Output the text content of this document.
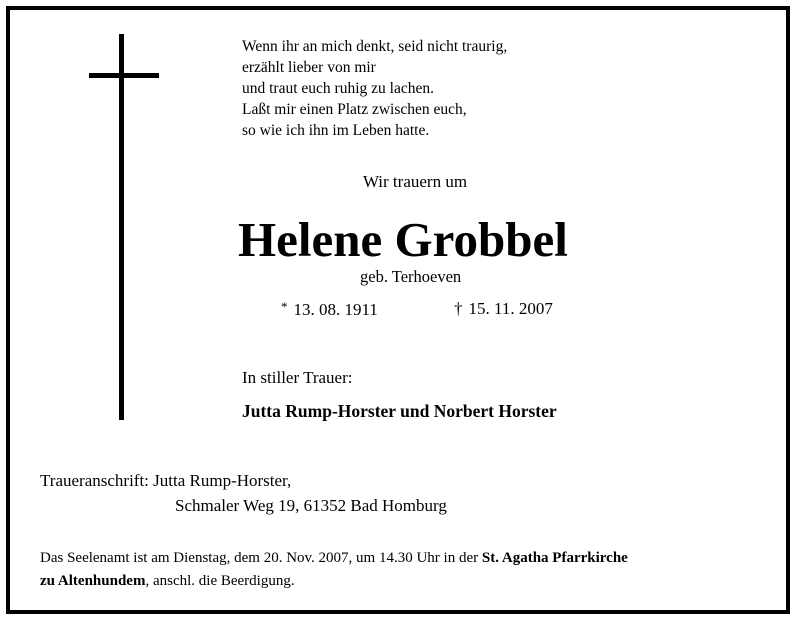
Wenn ihr an mich denkt, seid nicht traurig,
erzählt lieber von mir
und traut euch ruhig zu lachen.
Laßt mir einen Platz zwischen euch,
so wie ich ihn im Leben hatte.
Wir trauern um
Helene Grobbel
geb. Terhoeven
* 13. 08. 1911	† 15. 11. 2007
In stiller Trauer:
Jutta Rump-Horster und Norbert Horster
Traueranschrift: Jutta Rump-Horster,
Schmaler Weg 19, 61352 Bad Homburg
Das Seelenamt ist am Dienstag, dem 20. Nov. 2007, um 14.30 Uhr in der St. Agatha Pfarrkirche
zu Altenhundem, anschl. die Beerdigung.
